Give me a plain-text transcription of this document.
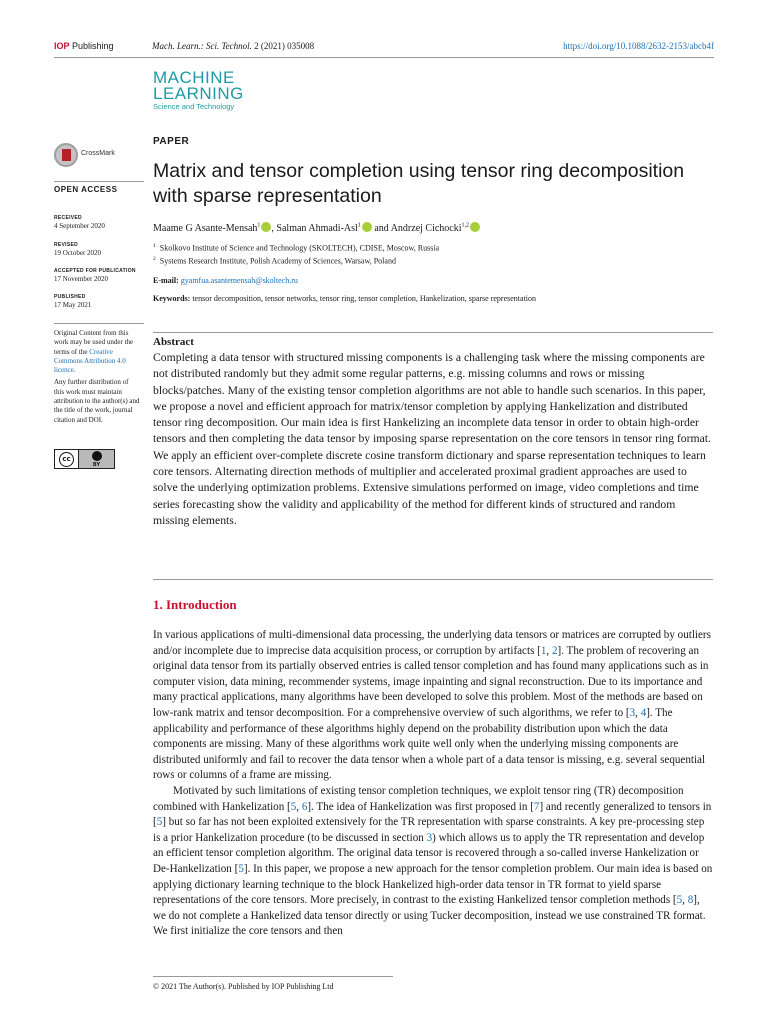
IOP Publishing	Mach. Learn.: Sci. Technol. 2 (2021) 035008	https://doi.org/10.1088/2632-2153/abcb4f
MACHINE
LEARNING
Science and Technology
CrossMark
OPEN ACCESS
RECEIVED
4 September 2020
REVISED
19 October 2020
ACCEPTED FOR PUBLICATION
17 November 2020
PUBLISHED
17 May 2021

Original Content from this work may be used under the terms of the Creative Commons Attribution 4.0 licence.

Any further distribution of this work must maintain attribution to the author(s) and the title of the work, journal citation and DOI.

cc
BY
PAPER
Matrix and tensor completion using tensor ring decomposition with sparse representation
Maame G Asante-Mensah$^1$ , Salman Ahmadi-Asl$^1$ and Andrzej Cichocki$^{1,2}$
$^1$ Skolkovo Institute of Science and Technology (SKOLTECH), CDISE, Moscow, Russia
$^2$ Systems Research Institute, Polish Academy of Sciences, Warsaw, Poland
E-mail: gyamfua.asantemensah@skoltech.ru
Keywords: tensor decomposition, tensor networks, tensor ring, tensor completion, Hankelization, sparse representation
Abstract
Completing a data tensor with structured missing components is a challenging task where the missing components are not distributed randomly but they admit some regular patterns, e.g. missing columns and rows or missing blocks/patches. Many of the existing tensor completion algorithms are not able to handle such scenarios. In this paper, we propose a novel and efficient approach for matrix/tensor completion by applying Hankelization and distributed tensor ring decomposition. Our main idea is first Hankelizing an incomplete data tensor in order to obtain high-order tensors and then completing the data tensor by imposing sparse representation on the core tensors in tensor ring format. We apply an efficient over-complete discrete cosine transform dictionary and sparse representation techniques to learn core tensors. Alternating direction methods of multiplier and accelerated proximal gradient approaches are used to solve the underlying optimization problems. Extensive simulations performed on image, video completions and time series forecasting show the validity and applicability of the method for different kinds of structured and random missing elements.
1. Introduction

In various applications of multi-dimensional data processing, the underlying data tensors or matrices are corrupted by outliers and/or incomplete due to imprecise data acquisition process, or corruption by artifacts [1, 2]. The problem of recovering an original data tensor from its partially observed entries is called tensor completion and has found many applications such as in computer vision, data mining, recommender systems, image inpainting and signal reconstruction. Due to its importance and many practical applications, many algorithms have been developed to solve this problem. Most of the methods are based on low-rank matrix and tensor decomposition. For a comprehensive overview of such algorithms, we refer to [3, 4]. The applicability and performance of these algorithms highly depend on the probability distribution upon which the data components are missing. Many of these algorithms work quite well only when the underlying missing components are distributed uniformly and fail to recover the data tensor when a whole part of a data tensor is missing, e.g. several sequential rows or columns of a frame are missing.

Motivated by such limitations of existing tensor completion techniques, we exploit tensor ring (TR) decomposition combined with Hankelization [5, 6]. The idea of Hankelization was first proposed in [7] and recently generalized to tensors in [5] but so far has not been exploited extensively for the TR representation with sparse constraints. A key pre-processing step is a prior Hankelization procedure (to be discussed in section 3) which allows us to apply the TR representation and develop an efficient tensor completion algorithm. The original data tensor is recovered through a so-called inverse Hankelization or De-Hankelization [5]. In this paper, we propose a new approach for the tensor completion problem. Our main idea is based on applying dictionary learning technique to the block Hankelized high-order data tensor in TR format to yield sparse representations of the core tensors. More precisely, in contrast to the existing Hankelized tensor completion methods [5, 8], we do not complete a Hankelized data tensor directly or using Tucker decomposition, instead we use constrained TR format. We first initialize the core tensors and then

© 2021 The Author(s). Published by IOP Publishing Ltd
